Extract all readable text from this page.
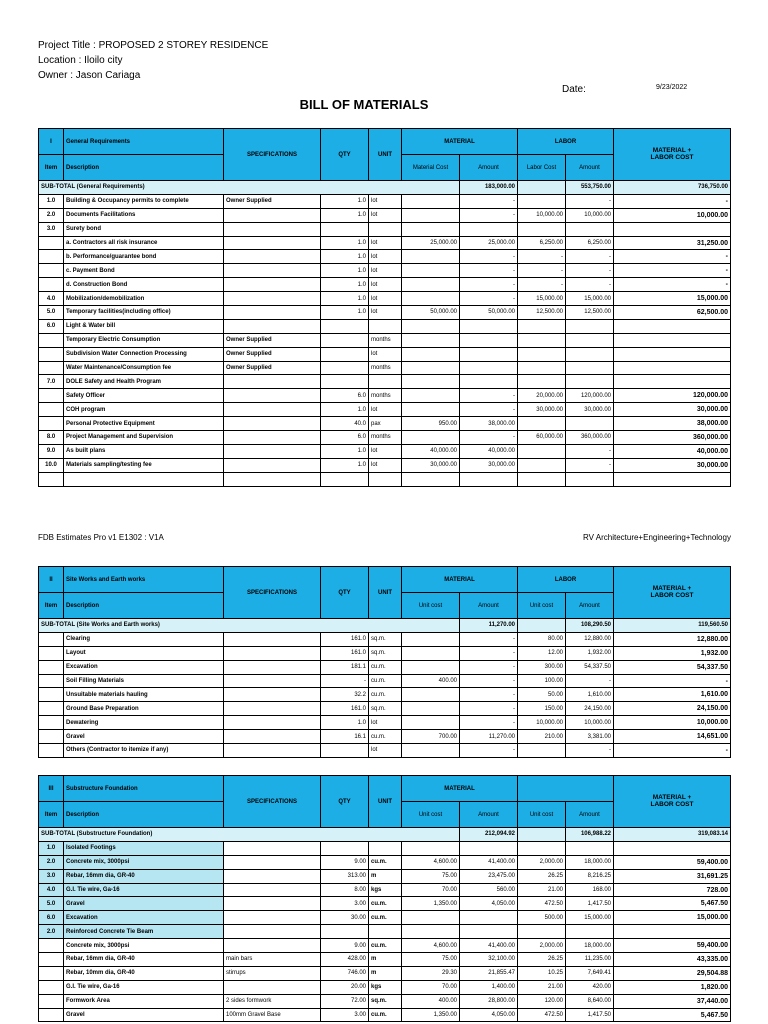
Project Title : PROPOSED 2 STOREY RESIDENCE
Location : Iloilo city
Owner : Jason Cariaga
Date:	9/23/2022
BILL OF MATERIALS
I	General Requirements	SPECIFICATIONS	QTY	UNIT	MATERIAL		LABOR		MATERIAL + LABOR COST
Item	Description				Material Cost	Amount	Labor Cost	Amount	
SUB-TOTAL (General Requirements)						183,000.00		553,750.00	736,750.00
1.0	Building & Occupancy permits to complete	Owner Supplied	1.0	lot		-		-	-
2.0	Documents Facilitations		1.0	lot		-	10,000.00	10,000.00	10,000.00
3.0	Surety bond								
	a. Contractors all risk insurance		1.0	lot	25,000.00	25,000.00	6,250.00	6,250.00	31,250.00
	b. Performance/guarantee bond		1.0	lot		-	-	-	-
	c. Payment Bond		1.0	lot		-	-	-	-
	d. Construction Bond		1.0	lot		-	-	-	-
4.0	Mobilization/demobilization		1.0	lot		-	15,000.00	15,000.00	15,000.00
5.0	Temporary facilities(including office)		1.0	lot	50,000.00	50,000.00	12,500.00	12,500.00	62,500.00
6.0	Light & Water bill								
	Temporary Electric Consumption	Owner Supplied		months					
	Subdivision Water Connection Processing	Owner Supplied		lot					
	Water Maintenance/Consumption fee	Owner Supplied		months					
7.0	DOLE Safety and Health Program								
	Safety Officer		6.0	months		-	20,000.00	120,000.00	120,000.00
	COH program		1.0	lot		-	30,000.00	30,000.00	30,000.00
	Personal Protective Equipment		40.0	pax	950.00	38,000.00			38,000.00
8.0	Project Management and Supervision		6.0	months		-	60,000.00	360,000.00	360,000.00
9.0	As built plans		1.0	lot	40,000.00	40,000.00		-	40,000.00
10.0	Materials sampling/testing fee		1.0	lot	30,000.00	30,000.00		-	30,000.00

FDB Estimates Pro v1 E1302 : V1A	RV Architecture+Engineering+Technology
II	Site Works and Earth works	SPECIFICATIONS	QTY	UNIT	MATERIAL		LABOR		MATERIAL + LABOR COST
Item	Description				Unit cost	Amount	Unit cost	Amount	
SUB-TOTAL (Site Works and Earth works)						11,270.00		108,290.50	119,560.50
	Clearing		161.0	sq.m.		-	80.00	12,880.00	12,880.00
	Layout		161.0	sq.m.		-	12.00	1,932.00	1,932.00
	Excavation		181.1	cu.m.		-	300.00	54,337.50	54,337.50
	Soil Filling Materials		-	cu.m.	400.00	-	100.00	-	-
	Unsuitable materials hauling		32.2	cu.m.		-	50.00	1,610.00	1,610.00
	Ground Base Preparation		161.0	sq.m.		-	150.00	24,150.00	24,150.00
	Dewatering		1.0	lot		-	10,000.00	10,000.00	10,000.00
	Gravel		16.1	cu.m.	700.00	11,270.00	210.00	3,381.00	14,651.00
	Others (Contractor to itemize if any)			lot		-		-	-
III	Substructure Foundation	SPECIFICATIONS	QTY	UNIT	MATERIAL				MATERIAL + LABOR COST
Item	Description				Unit cost	Amount	Unit cost	Amount	
SUB-TOTAL (Substructure Foundation)						212,094.92		106,988.22	319,083.14
1.0	Isolated Footings								
2.0	Concrete mix, 3000psi		9.00	cu.m.	4,600.00	41,400.00	2,000.00	18,000.00	59,400.00
3.0	Rebar, 16mm dia, GR-40		313.00	m	75.00	23,475.00	26.25	8,216.25	31,691.25
4.0	G.I. Tie wire, Ga-16		8.00	kgs	70.00	560.00	21.00	168.00	728.00
5.0	Gravel		3.00	cu.m.	1,350.00	4,050.00	472.50	1,417.50	5,467.50
6.0	Excavation		30.00	cu.m.			500.00	15,000.00	15,000.00
2.0	Reinforced Concrete Tie Beam								
	Concrete mix, 3000psi		9.00	cu.m.	4,600.00	41,400.00	2,000.00	18,000.00	59,400.00
	Rebar, 16mm dia, GR-40	main bars	428.00	m	75.00	32,100.00	26.25	11,235.00	43,335.00
	Rebar, 10mm dia, GR-40	stirrups	746.00	m	29.30	21,855.47	10.25	7,649.41	29,504.88
	G.I. Tie wire, Ga-16		20.00	kgs	70.00	1,400.00	21.00	420.00	1,820.00
	Formwork Area	2 sides formwork	72.00	sq.m.	400.00	28,800.00	120.00	8,640.00	37,440.00
	Gravel	100mm Gravel Base	3.00	cu.m.	1,350.00	4,050.00	472.50	1,417.50	5,467.50
